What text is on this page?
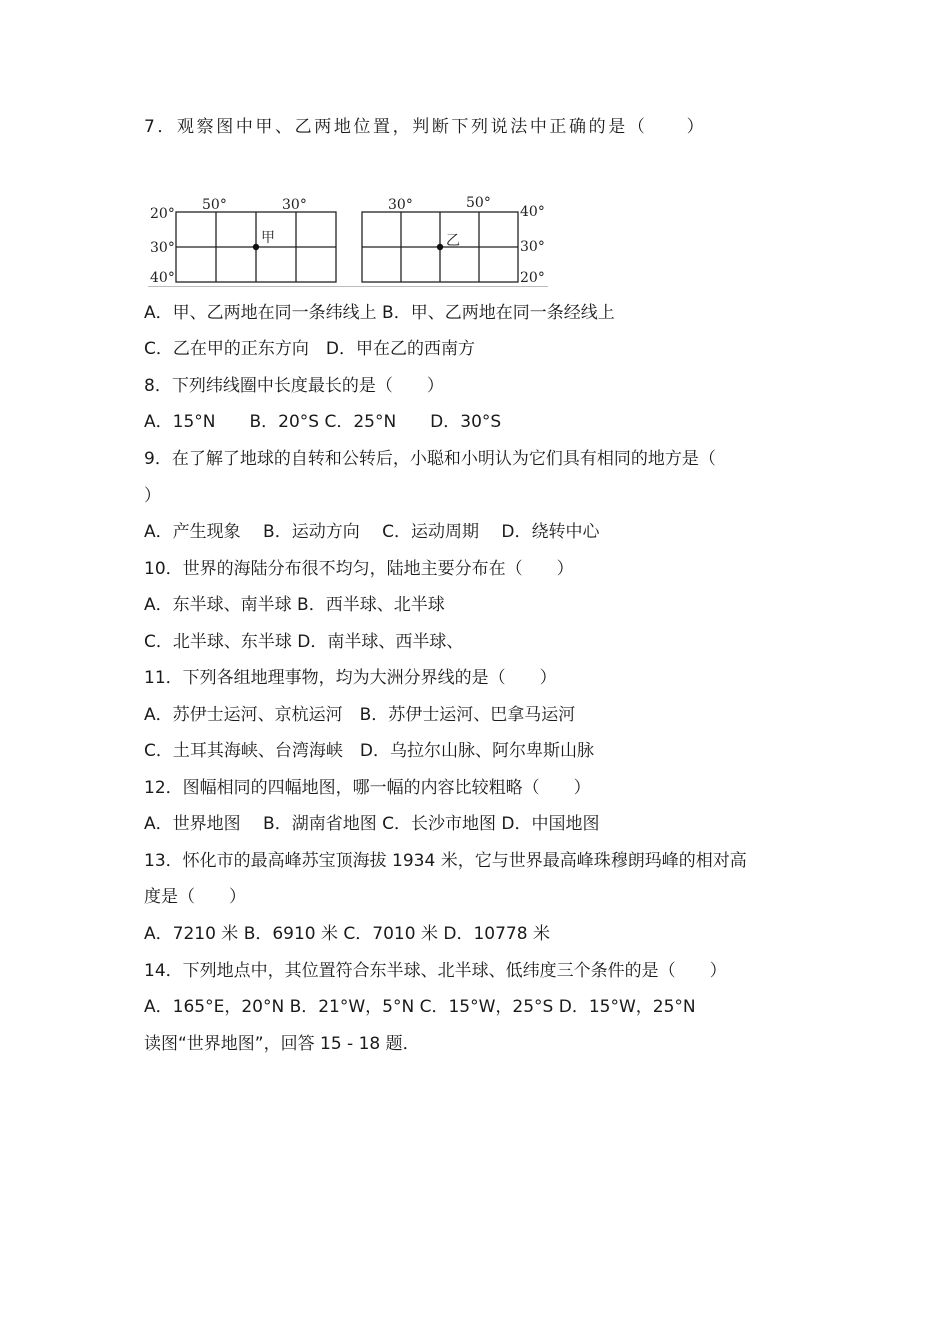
7．观察图中甲、乙两地位置，判断下列说法中正确的是（　　）
50°	30°
20°
30°
40°
甲
30°	50°
40°
30°
20°
乙
A．甲、乙两地在同一条纬线上 B．甲、乙两地在同一条经线上
C．乙在甲的正东方向　D．甲在乙的西南方
8．下列纬线圈中长度最长的是（　　）
A．15°N　　B．20°S C．25°N　　D．30°S
9．在了解了地球的自转和公转后，小聪和小明认为它们具有相同的地方是（
）
A．产生现象　 B．运动方向　 C．运动周期　 D．绕转中心
10．世界的海陆分布很不均匀，陆地主要分布在（　　）
A．东半球、南半球 B．西半球、北半球
C．北半球、东半球 D．南半球、西半球、
11．下列各组地理事物，均为大洲分界线的是（　　）
A．苏伊士运河、京杭运河　B．苏伊士运河、巴拿马运河
C．土耳其海峡、台湾海峡　D．乌拉尔山脉、阿尔卑斯山脉
12．图幅相同的四幅地图，哪一幅的内容比较粗略（　　）
A．世界地图　 B．湖南省地图 C．长沙市地图 D．中国地图
13．怀化市的最高峰苏宝顶海拔 1934 米，它与世界最高峰珠穆朗玛峰的相对高
度是（　　）
A．7210 米 B．6910 米 C．7010 米 D．10778 米
14．下列地点中，其位置符合东半球、北半球、低纬度三个条件的是（　　）
A．165°E，20°N B．21°W，5°N C．15°W，25°S D．15°W，25°N
读图“世界地图”，回答 15 - 18 题．
